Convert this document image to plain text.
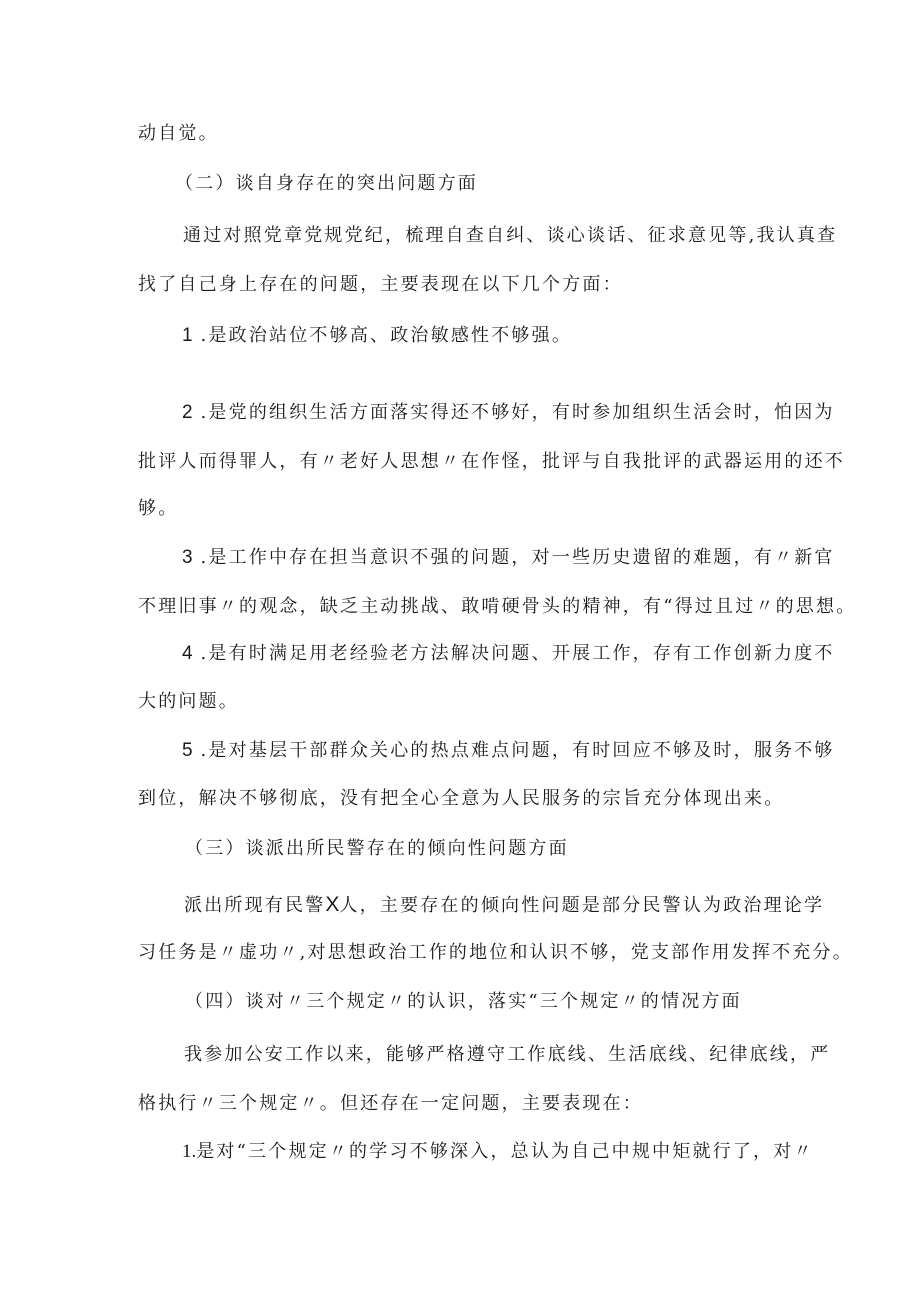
动自觉。
（二）谈自身存在的突出问题方面
通过对照党章党规党纪，梳理自查自纠、谈心谈话、征求意见等,我认真查
找了自己身上存在的问题，主要表现在以下几个方面：
1 .是政治站位不够高、政治敏感性不够强。
2 .是党的组织生活方面落实得还不够好，有时参加组织生活会时，怕因为
批评人而得罪人，有〃老好人思想〃在作怪，批评与自我批评的武器运用的还不
够。
3 .是工作中存在担当意识不强的问题，对一些历史遗留的难题，有〃新官
不理旧事〃的观念，缺乏主动挑战、敢啃硬骨头的精神，有“得过且过〃的思想。
4 .是有时满足用老经验老方法解决问题、开展工作，存有工作创新力度不
大的问题。
5 .是对基层干部群众关心的热点难点问题，有时回应不够及时，服务不够
到位，解决不够彻底，没有把全心全意为人民服务的宗旨充分体现出来。
（三）谈派出所民警存在的倾向性问题方面
派出所现有民警X人，主要存在的倾向性问题是部分民警认为政治理论学
习任务是〃虚功〃,对思想政治工作的地位和认识不够，党支部作用发挥不充分。
（四）谈对〃三个规定〃的认识，落实“三个规定〃的情况方面
我参加公安工作以来，能够严格遵守工作底线、生活底线、纪律底线，严
格执行〃三个规定〃。但还存在一定问题，主要表现在：
1.是对“三个规定〃的学习不够深入，总认为自己中规中矩就行了，对〃
